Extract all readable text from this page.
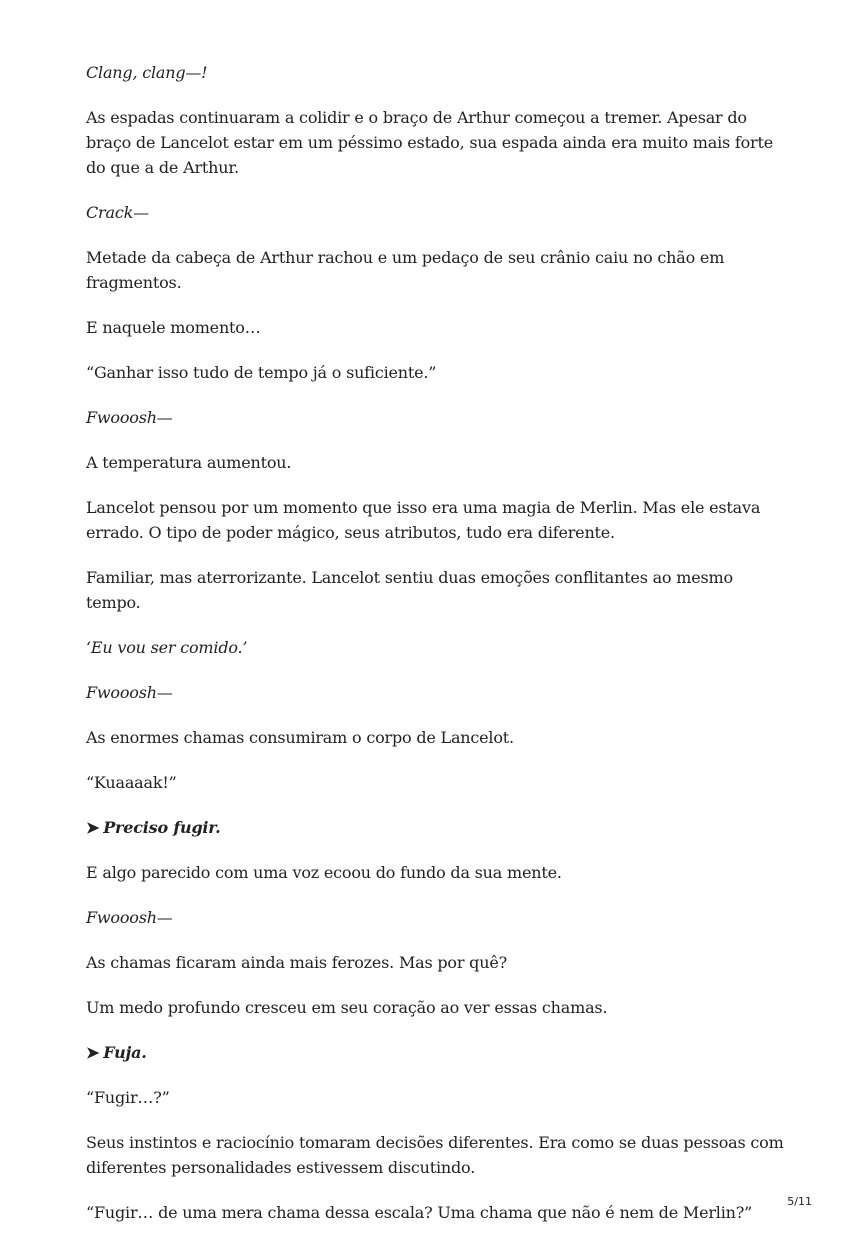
Clang, clang—!

As espadas continuaram a colidir e o braço de Arthur começou a tremer. Apesar do braço de Lancelot estar em um péssimo estado, sua espada ainda era muito mais forte do que a de Arthur.

Crack—

Metade da cabeça de Arthur rachou e um pedaço de seu crânio caiu no chão em fragmentos.

E naquele momento…

“Ganhar isso tudo de tempo já o suficiente.”

Fwooosh—

A temperatura aumentou.

Lancelot pensou por um momento que isso era uma magia de Merlin. Mas ele estava errado. O tipo de poder mágico, seus atributos, tudo era diferente.

Familiar, mas aterrorizante. Lancelot sentiu duas emoções conflitantes ao mesmo tempo.

‘Eu vou ser comido.’

Fwooosh—

As enormes chamas consumiram o corpo de Lancelot.

“Kuaaaak!”

➤ Preciso fugir.

E algo parecido com uma voz ecoou do fundo da sua mente.

Fwooosh—

As chamas ficaram ainda mais ferozes. Mas por quê?

Um medo profundo cresceu em seu coração ao ver essas chamas.

➤ Fuja.

“Fugir…?”

Seus instintos e raciocínio tomaram decisões diferentes. Era como se duas pessoas com diferentes personalidades estivessem discutindo.

“Fugir… de uma mera chama dessa escala? Uma chama que não é nem de Merlin?”

5/11
